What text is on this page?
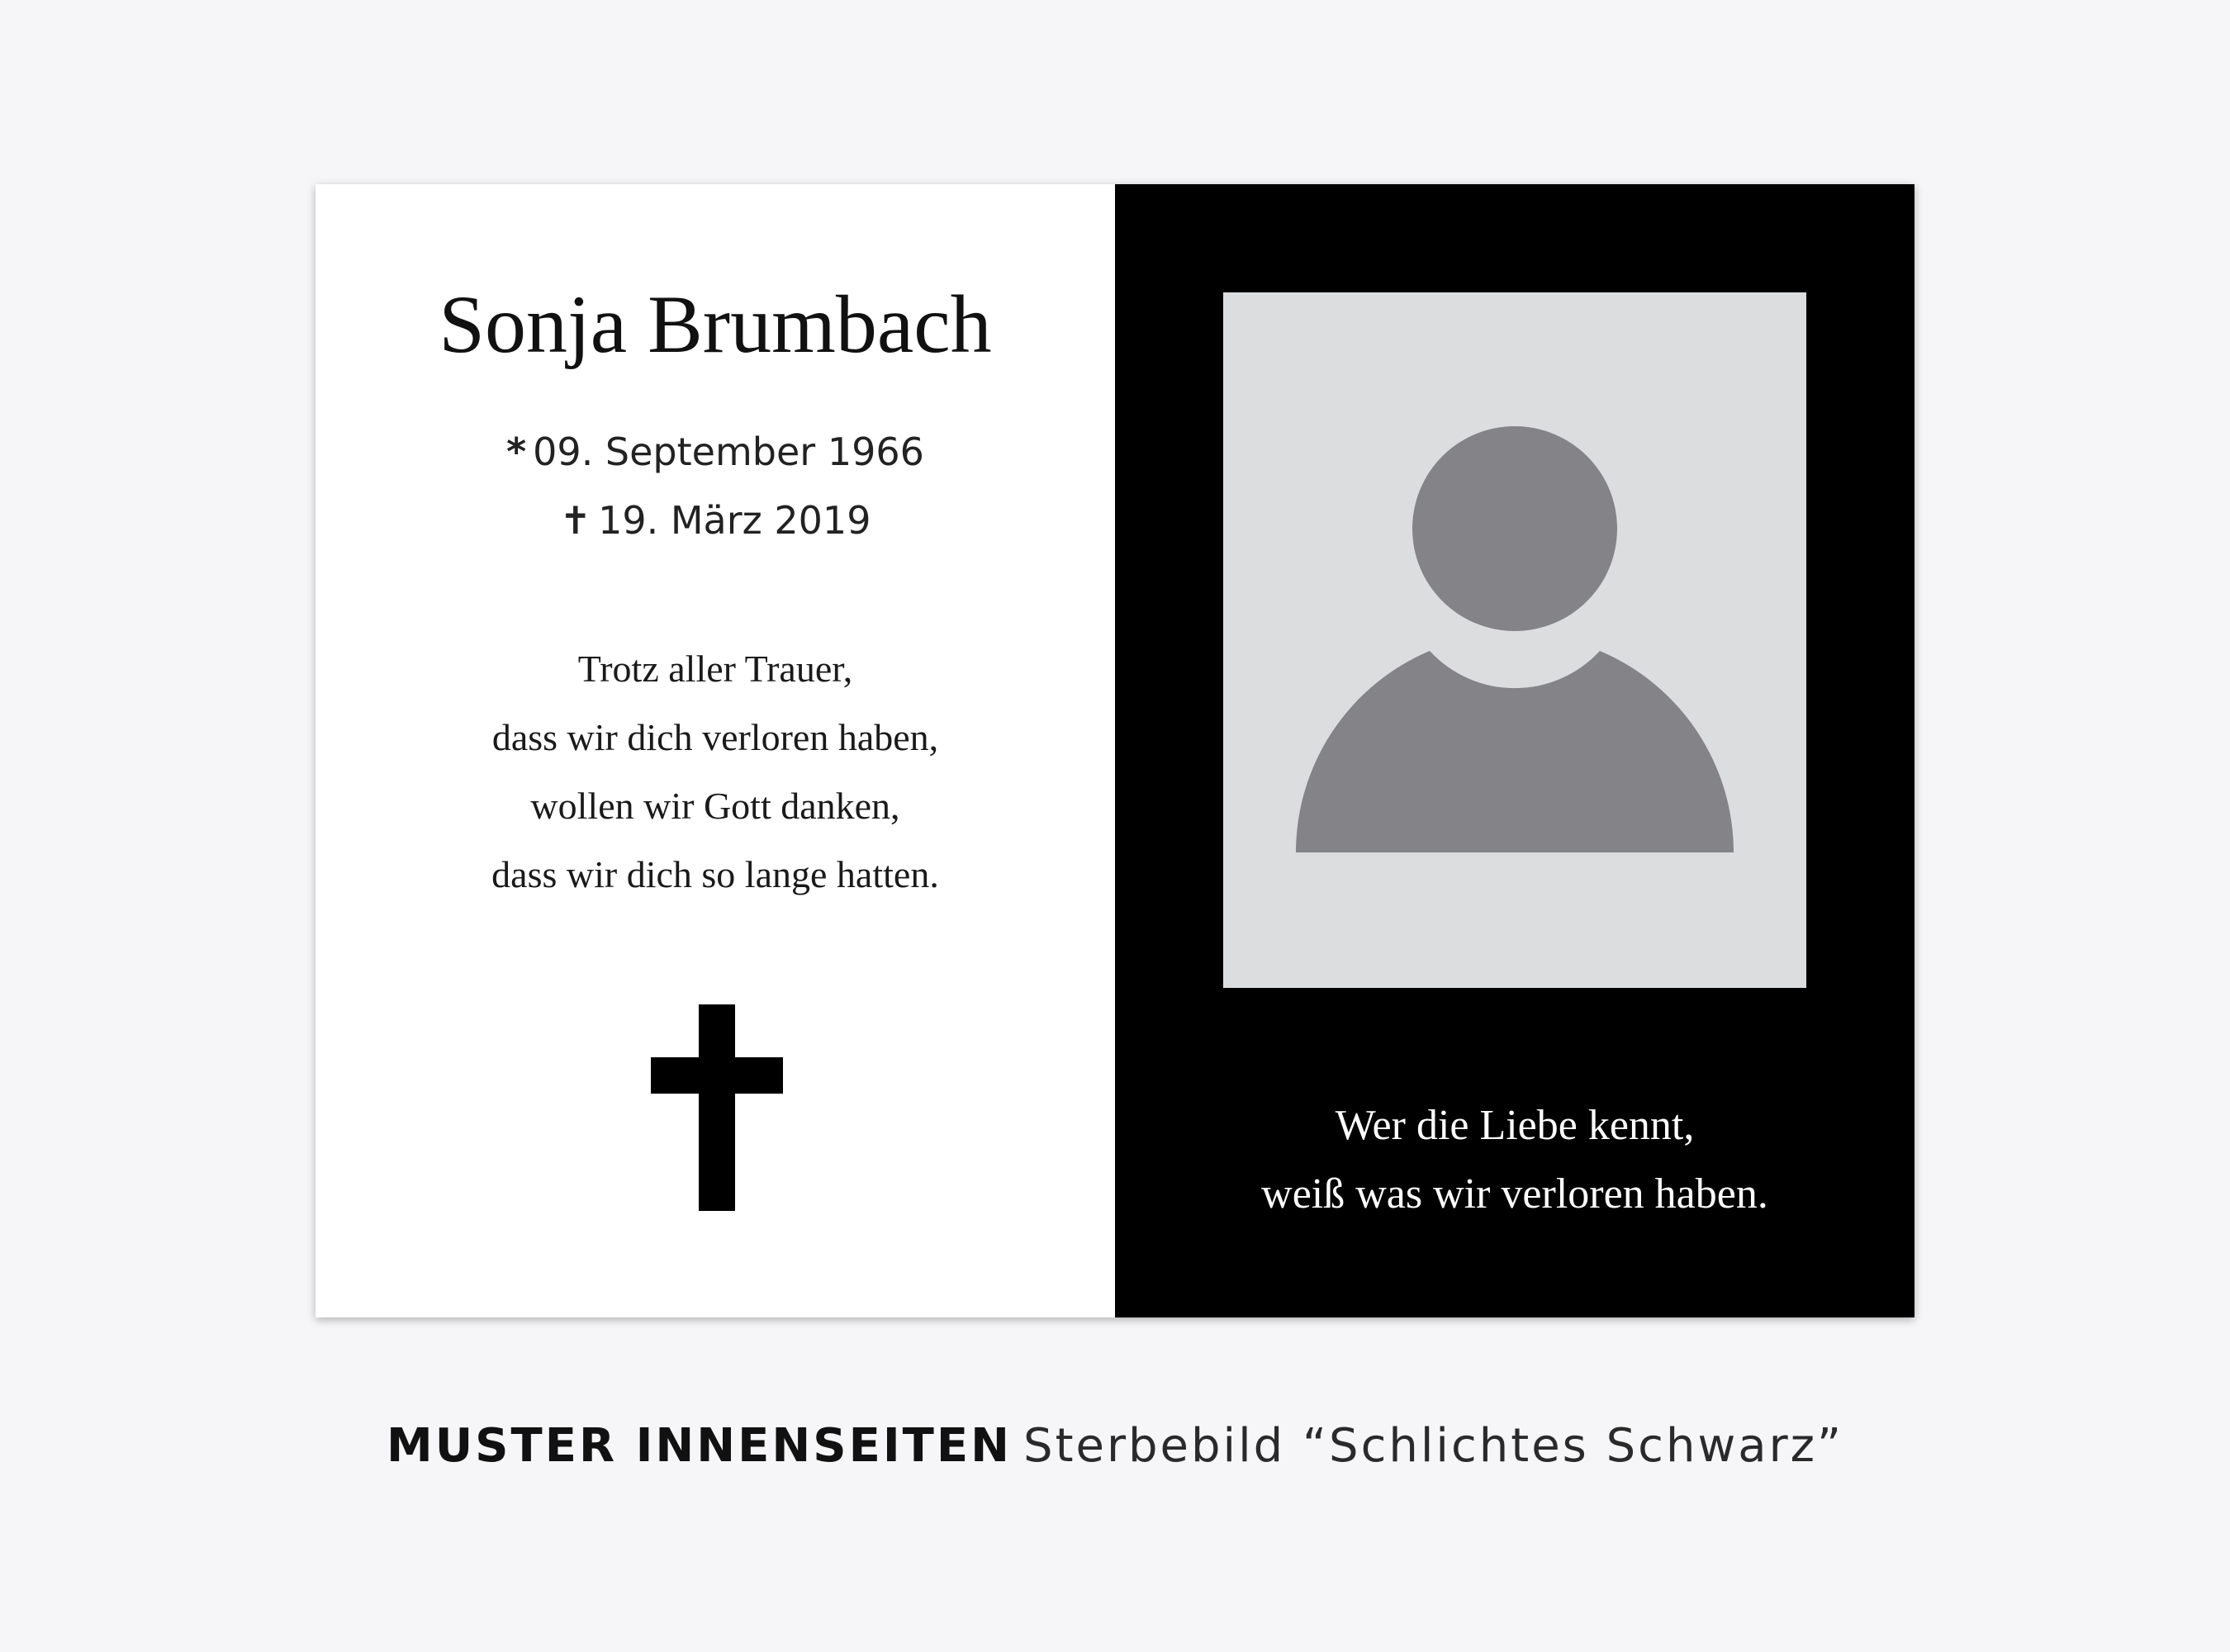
Sonja Brumbach
* 09. September 1966
✝ 19. März 2019
Trotz aller Trauer,
dass wir dich verloren haben,
wollen wir Gott danken,
dass wir dich so lange hatten.
Wer die Liebe kennt,
weiß was wir verloren haben.
MUSTER INNENSEITEN Sterbebild “Schlichtes Schwarz”
